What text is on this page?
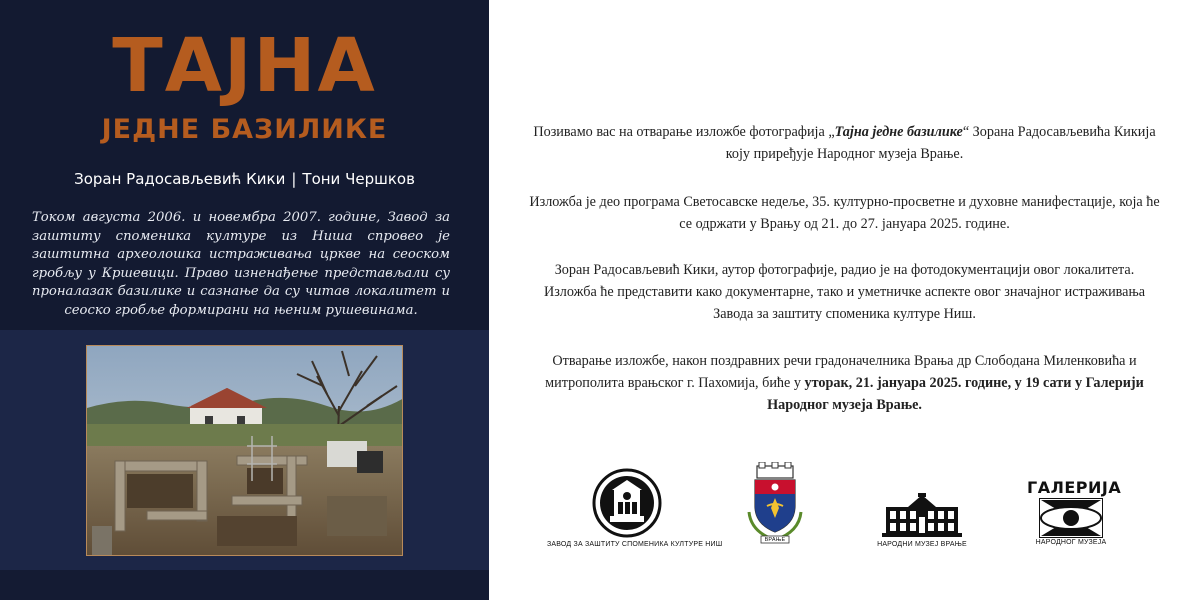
ТАЈНА
ЈЕДНЕ БАЗИЛИКЕ
Зоран Радосављевић Кики | Тони Чершков
Током августа 2006. и новембра 2007. године, Завод за заштиту споменика културе из Ниша спровео је заштитна археолошка истраживања цркве на сеоском гробљу у Кршевици. Право изненађење представљали су проналазак базилике и сазнање да су читав локалитет и сеоско гробље формирани на њеним рушевинама.
Позивамо вас на отварање изложбе фотографија „Тајна једне базилике“ Зорана Радосављевића Кикија
коју приређује Народног музеја Врање.
Изложба је део програма Светосавске недеље, 35. културно-просветне и духовне манифестације, која ће
се одржати у Врању од 21. до 27. јануара 2025. године.
Зоран Радосављевић Кики, аутор фотографије, радио је на фотодокументацији овог локалитета.
Изложба ће представити како документарне, тако и уметничке аспекте овог значајног истраживања
Завода за заштиту споменика културе Ниш.
Отварање изложбе, након поздравних речи градоначелника Врања др Слободана Миленковића и
митрополита врањског г. Пахомија, биће у уторак, 21. јануара 2025. године, у 19 сати у Галерији
Народног музеја Врање.
ЗАВОД ЗА ЗАШТИТУ СПОМЕНИКА КУЛТУРЕ НИШ
ВРАЊЕ
НАРОДНИ МУЗЕЈ ВРАЊЕ
ГАЛЕРИЈА
НАРОДНОГ МУЗЕЈА
